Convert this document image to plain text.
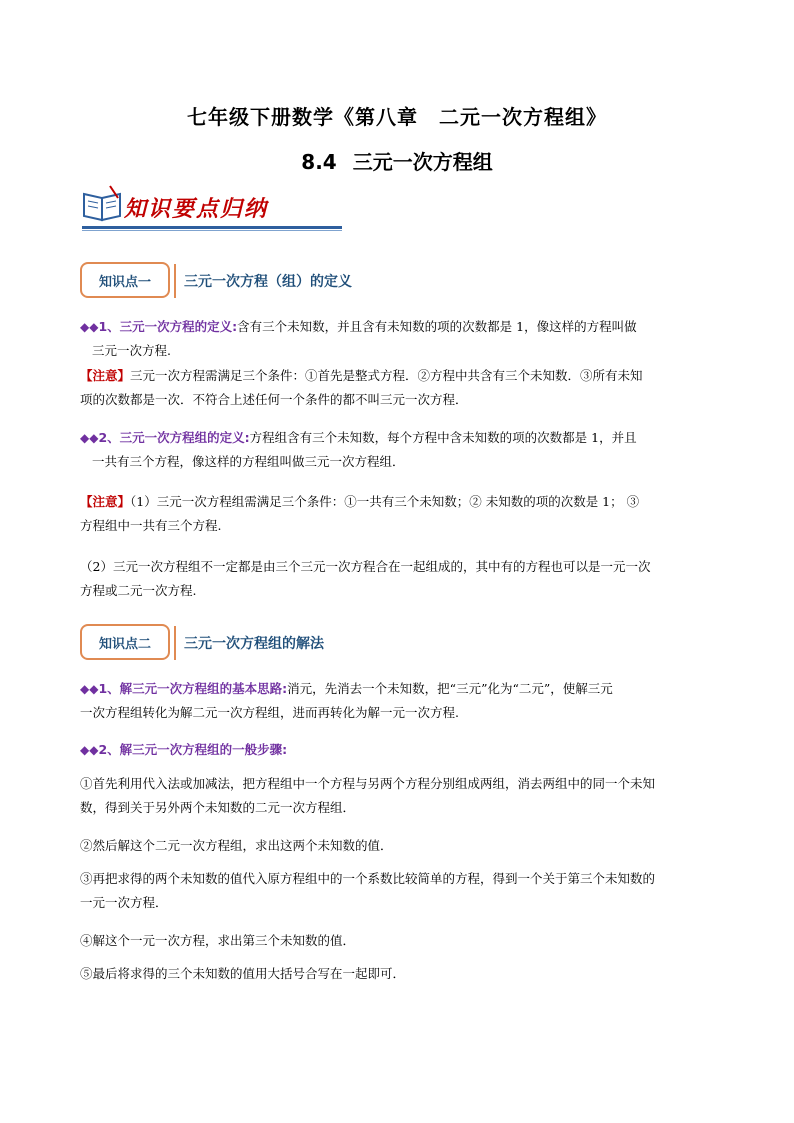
七年级下册数学《第八章　二元一次方程组》
8.4 三元一次方程组
知识要点归纳
知识点一	三元一次方程（组）的定义
◆◆1、三元一次方程的定义:含有三个未知数，并且含有未知数的项的次数都是 1，像这样的方程叫做
三元一次方程.
【注意】三元一次方程需满足三个条件：①首先是整式方程．②方程中共含有三个未知数．③所有未知
项的次数都是一次．不符合上述任何一个条件的都不叫三元一次方程．
◆◆2、三元一次方程组的定义:方程组含有三个未知数，每个方程中含未知数的项的次数都是 1，并且
一共有三个方程，像这样的方程组叫做三元一次方程组．
【注意】（1）三元一次方程组需满足三个条件：①一共有三个未知数；② 未知数的项的次数是 1； ③
方程组中一共有三个方程.
（2）三元一次方程组不一定都是由三个三元一次方程合在一起组成的，其中有的方程也可以是一元一次
方程或二元一次方程.
知识点二	三元一次方程组的解法
◆◆1、解三元一次方程组的基本思路:消元，先消去一个未知数，把“三元”化为“二元”，使解三元
一次方程组转化为解二元一次方程组，进而再转化为解一元一次方程.
◆◆2、解三元一次方程组的一般步骤:
①首先利用代入法或加减法，把方程组中一个方程与另两个方程分别组成两组，消去两组中的同一个未知
数，得到关于另外两个未知数的二元一次方程组．
②然后解这个二元一次方程组，求出这两个未知数的值．
③再把求得的两个未知数的值代入原方程组中的一个系数比较简单的方程，得到一个关于第三个未知数的
一元一次方程．
④解这个一元一次方程，求出第三个未知数的值．
⑤最后将求得的三个未知数的值用大括号合写在一起即可．
